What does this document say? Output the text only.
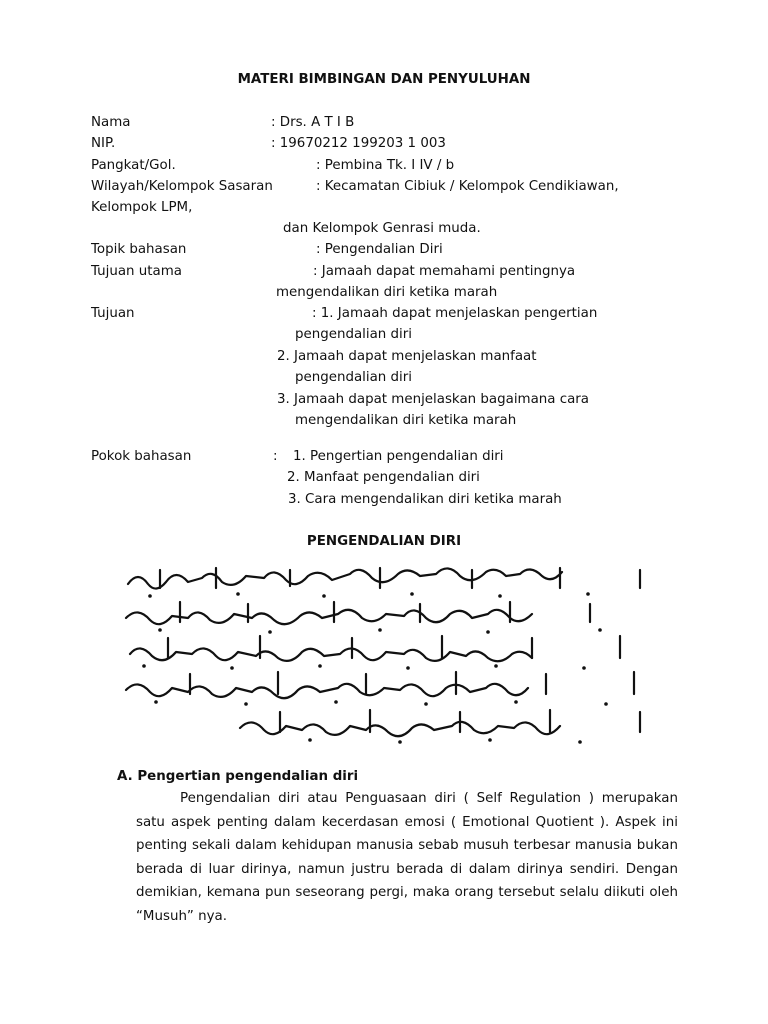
MATERI BIMBINGAN DAN PENYULUHAN
Nama	: Drs. A T I B
NIP.	: 19670212 199203 1 003
Pangkat/Gol.	: Pembina Tk. I IV / b
Wilayah/Kelompok Sasaran	: Kecamatan Cibiuk / Kelompok Cendikiawan,
Kelompok LPM,
dan Kelompok Genrasi muda.
Topik bahasan	: Pengendalian Diri
Tujuan utama	: Jamaah dapat memahami pentingnya
mengendalikan diri ketika marah
Tujuan	: 1. Jamaah dapat menjelaskan pengertian
pengendalian diri
2. Jamaah dapat menjelaskan manfaat
pengendalian diri
3. Jamaah dapat menjelaskan bagaimana cara
mengendalikan diri ketika marah
Pokok bahasan	: 1. Pengertian pengendalian diri
2. Manfaat pengendalian diri
3. Cara mengendalikan diri ketika marah
PENGENDALIAN DIRI
A. Pengertian pengendalian diri
Pengendalian diri atau Penguasaan diri ( Self Regulation ) merupakan satu aspek penting dalam kecerdasan emosi ( Emotional Quotient ). Aspek ini penting sekali dalam kehidupan manusia sebab musuh terbesar manusia bukan berada di luar dirinya, namun justru berada di dalam dirinya sendiri. Dengan demikian, kemana pun seseorang pergi, maka orang tersebut selalu diikuti oleh “Musuh” nya.
